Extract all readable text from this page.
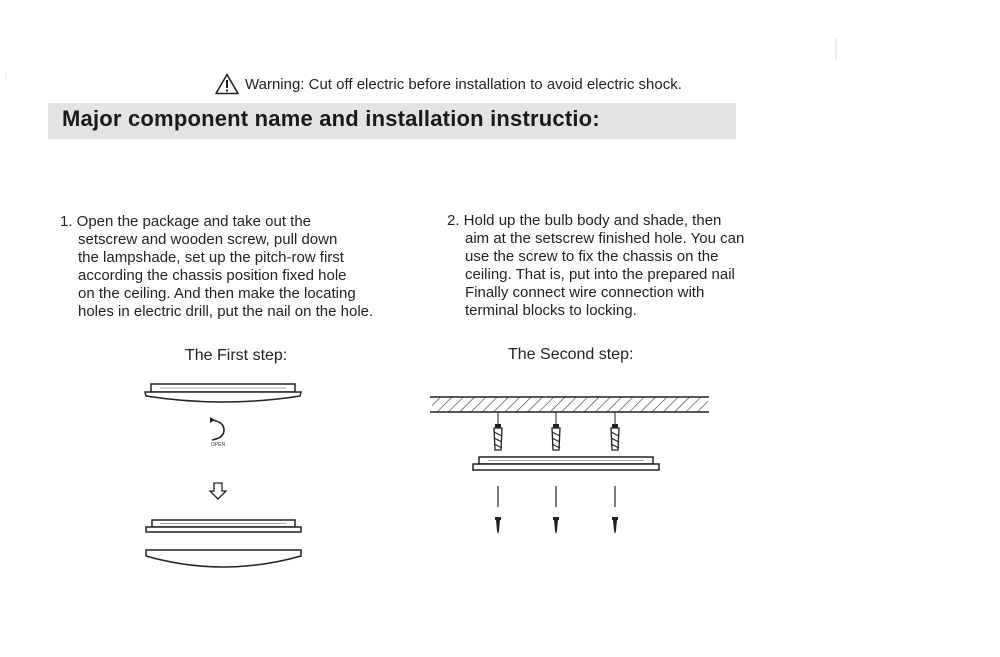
Warning: Cut off electric before installation to avoid electric shock.
Major component name and installation instructio:
1. Open the package and take out the
setscrew and wooden screw, pull down
the lampshade, set up the pitch-row first
according the chassis position fixed hole
on the ceiling. And then make the locating
holes in electric drill, put the nail on the hole.
2. Hold up the bulb body and shade, then
aim at the setscrew finished hole. You can
use the screw to fix the chassis on the
ceiling. That is, put into the prepared nail
Finally connect wire connection with
terminal blocks to locking.
The First step:	The Second step:
OPEN
